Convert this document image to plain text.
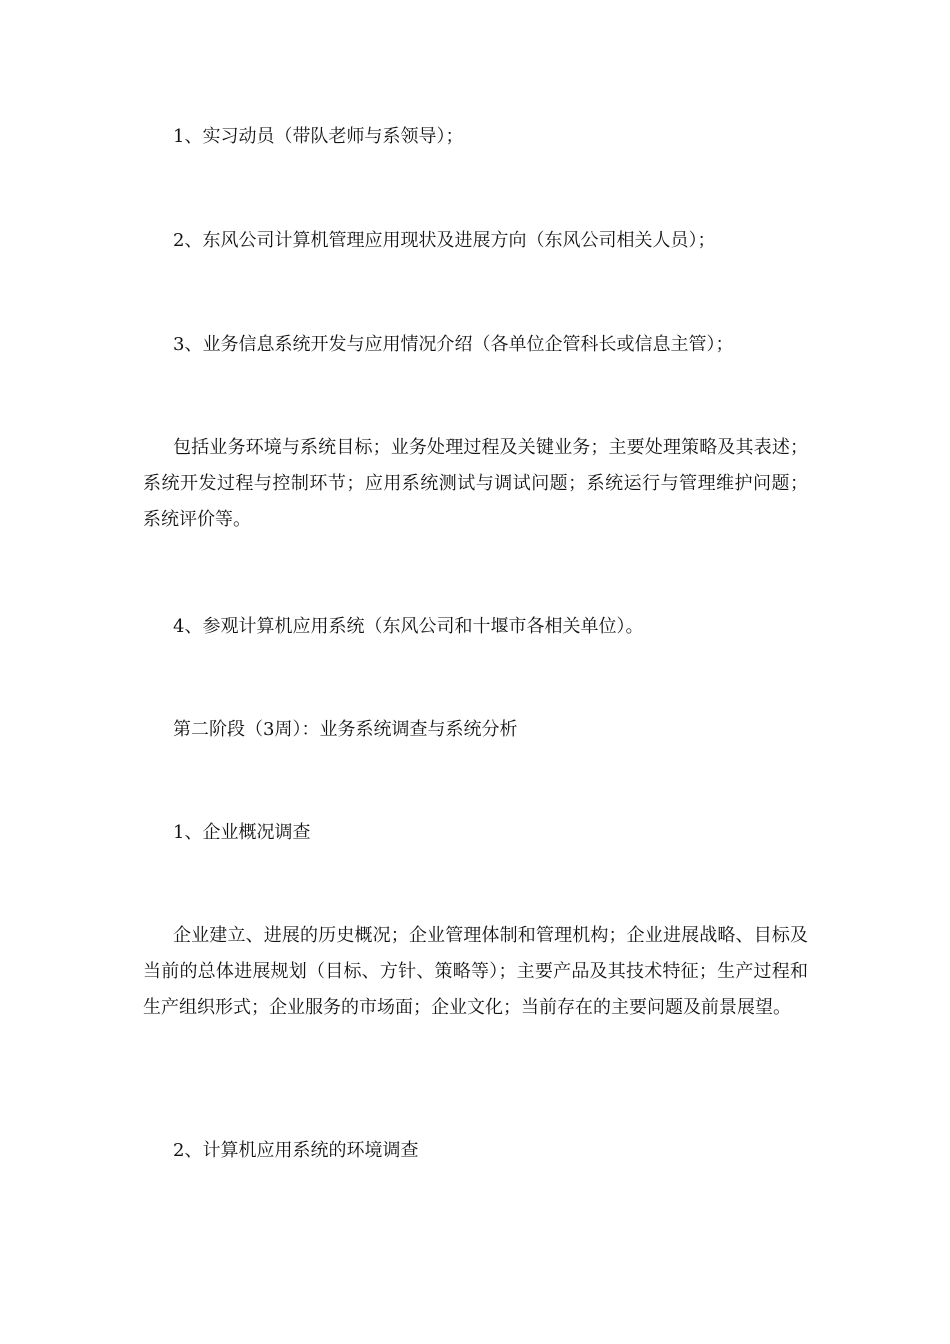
1、实习动员（带队老师与系领导）；

2、东风公司计算机管理应用现状及进展方向（东风公司相关人员）；

3、业务信息系统开发与应用情况介绍（各单位企管科长或信息主管）；

包括业务环境与系统目标；业务处理过程及关键业务；主要处理策略及其表述；系统开发过程与控制环节；应用系统测试与调试问题；系统运行与管理维护问题；系统评价等。

4、参观计算机应用系统（东风公司和十堰市各相关单位）。

第二阶段（3周）：业务系统调查与系统分析

1、企业概况调查

企业建立、进展的历史概况；企业管理体制和管理机构；企业进展战略、目标及当前的总体进展规划（目标、方针、策略等）；主要产品及其技术特征；生产过程和生产组织形式；企业服务的市场面；企业文化；当前存在的主要问题及前景展望。

2、计算机应用系统的环境调查
